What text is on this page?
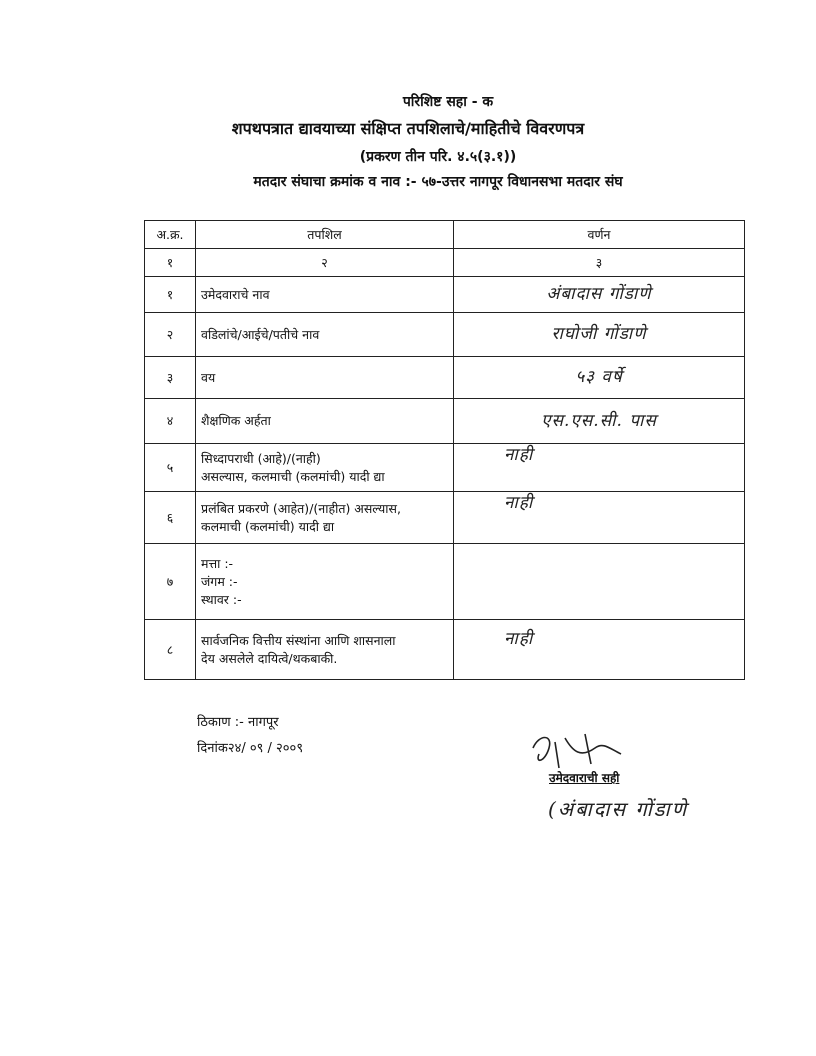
परिशिष्ट सहा - क
शपथपत्रात द्यावयाच्या संक्षिप्त तपशिलाचे/माहितीचे विवरणपत्र
(प्रकरण तीन परि. ४.५(३.१))
मतदार संघाचा क्रमांक व नाव :- ५७-उत्तर नागपूर विधानसभा मतदार संघ
अ.क्र.	तपशिल	वर्णन
१	२	३
१	उमेदवाराचे नाव	अंबादास गोंडाणे
२	वडिलांचे/आईचे/पतीचे नाव	राघोजी गोंडाणे
३	वय	५३ वर्षे
४	शैक्षणिक अर्हता	एस.एस.सी. पास
५	सिध्दापराधी (आहे)/(नाही)
असल्यास, कलमाची (कलमांची) यादी द्या	नाही
६	प्रलंबित प्रकरणे (आहेत)/(नाहीत) असल्यास,
कलमाची (कलमांची) यादी द्या	नाही
७	मत्ता :-
जंगम :-
स्थावर :-	

८	सार्वजनिक वित्तीय संस्थांना आणि शासनाला
देय असलेले दायित्वे/थकबाकी.	नाही
ठिकाण :- नागपूर
दिनांक२४/ ०९ / २००९
उमेदवाराची सही
(अंबादास गोंडाणे
